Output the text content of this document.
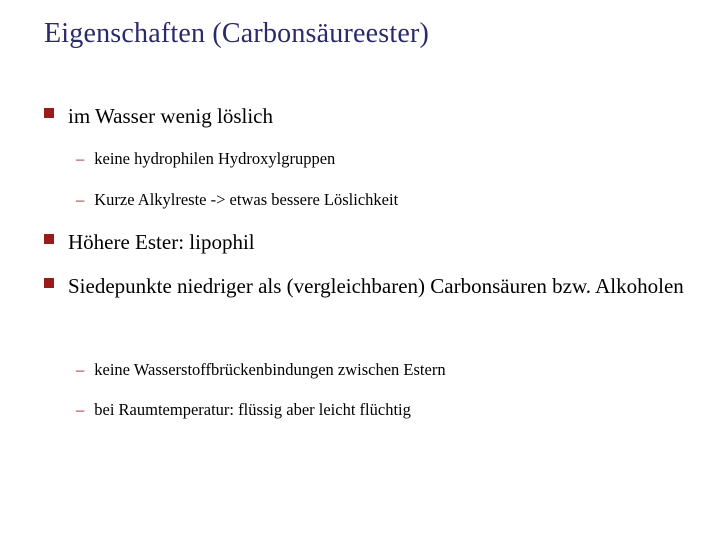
Eigenschaften (Carbonsäureester)
im Wasser wenig löslich
– keine hydrophilen Hydroxylgruppen
– Kurze Alkylreste -> etwas bessere Löslichkeit
Höhere Ester: lipophil
Siedepunkte niedriger als (vergleichbaren) Carbonsäuren bzw. Alkoholen
– keine Wasserstoffbrückenbindungen zwischen Estern
– bei Raumtemperatur: flüssig aber leicht flüchtig
